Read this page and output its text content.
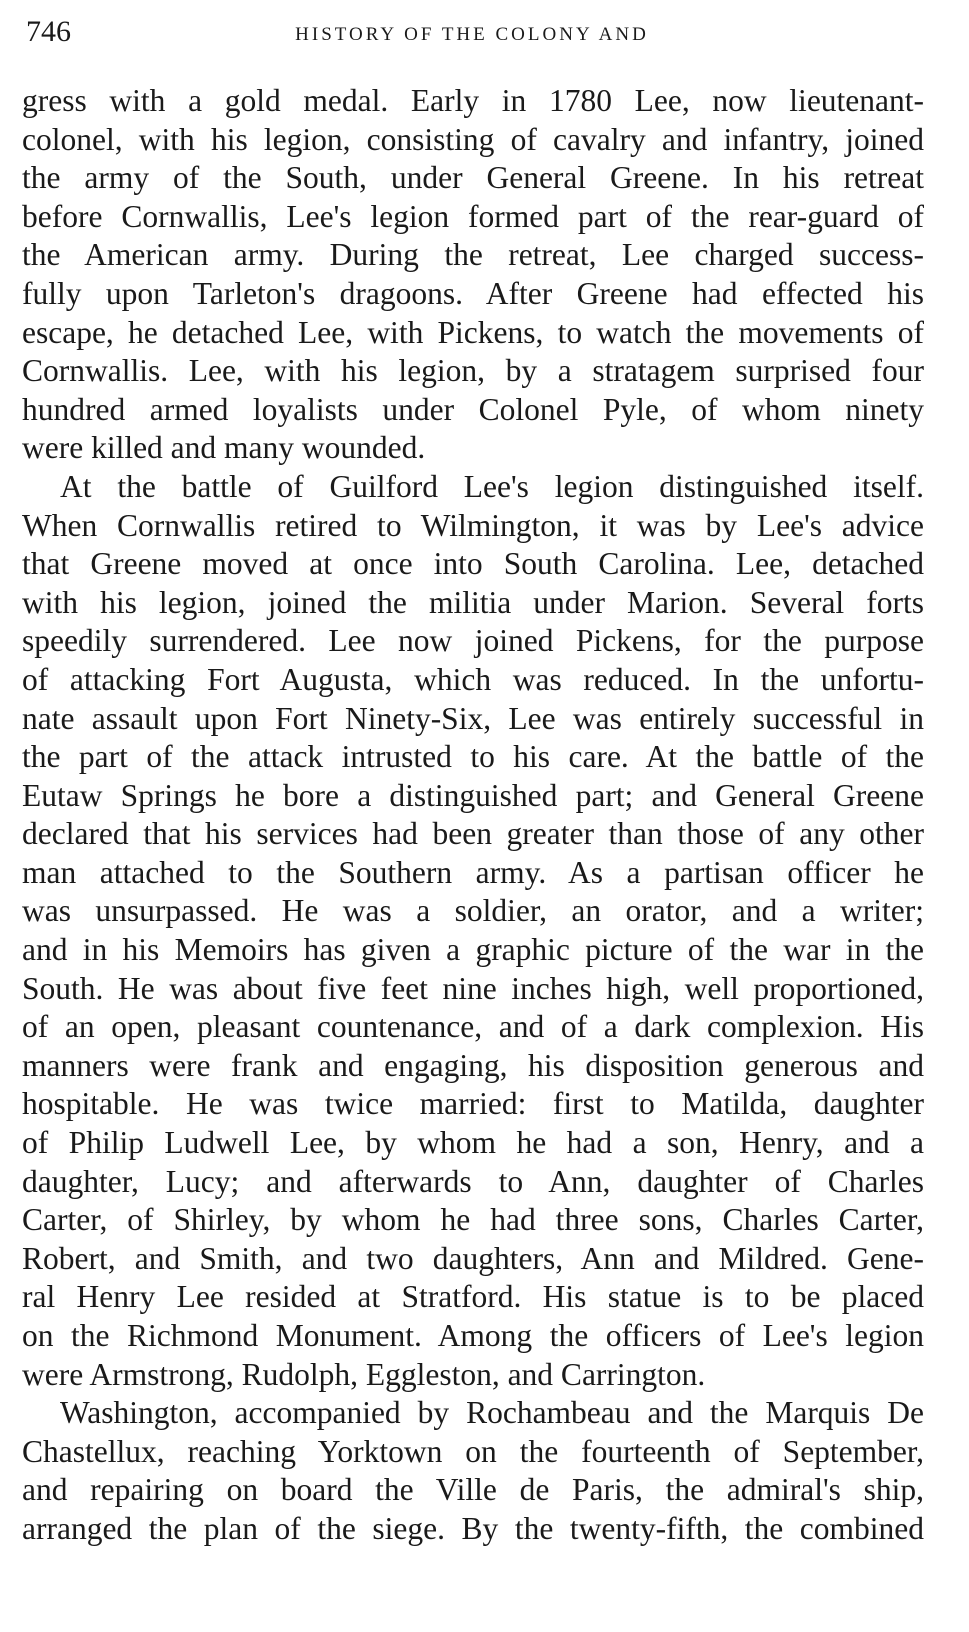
746	HISTORY OF THE COLONY AND
gress with a gold medal. Early in 1780 Lee, now lieutenant-
colonel, with his legion, consisting of cavalry and infantry, joined
the army of the South, under General Greene. In his retreat
before Cornwallis, Lee's legion formed part of the rear-guard of
the American army. During the retreat, Lee charged success-
fully upon Tarleton's dragoons. After Greene had effected his
escape, he detached Lee, with Pickens, to watch the movements of
Cornwallis. Lee, with his legion, by a stratagem surprised four
hundred armed loyalists under Colonel Pyle, of whom ninety
were killed and many wounded.
At the battle of Guilford Lee's legion distinguished itself.
When Cornwallis retired to Wilmington, it was by Lee's advice
that Greene moved at once into South Carolina. Lee, detached
with his legion, joined the militia under Marion. Several forts
speedily surrendered. Lee now joined Pickens, for the purpose
of attacking Fort Augusta, which was reduced. In the unfortu-
nate assault upon Fort Ninety-Six, Lee was entirely successful in
the part of the attack intrusted to his care. At the battle of the
Eutaw Springs he bore a distinguished part; and General Greene
declared that his services had been greater than those of any other
man attached to the Southern army. As a partisan officer he
was unsurpassed. He was a soldier, an orator, and a writer;
and in his Memoirs has given a graphic picture of the war in the
South. He was about five feet nine inches high, well proportioned,
of an open, pleasant countenance, and of a dark complexion. His
manners were frank and engaging, his disposition generous and
hospitable. He was twice married: first to Matilda, daughter
of Philip Ludwell Lee, by whom he had a son, Henry, and a
daughter, Lucy; and afterwards to Ann, daughter of Charles
Carter, of Shirley, by whom he had three sons, Charles Carter,
Robert, and Smith, and two daughters, Ann and Mildred. Gene-
ral Henry Lee resided at Stratford. His statue is to be placed
on the Richmond Monument. Among the officers of Lee's legion
were Armstrong, Rudolph, Eggleston, and Carrington.
Washington, accompanied by Rochambeau and the Marquis De
Chastellux, reaching Yorktown on the fourteenth of September,
and repairing on board the Ville de Paris, the admiral's ship,
arranged the plan of the siege. By the twenty-fifth, the combined
